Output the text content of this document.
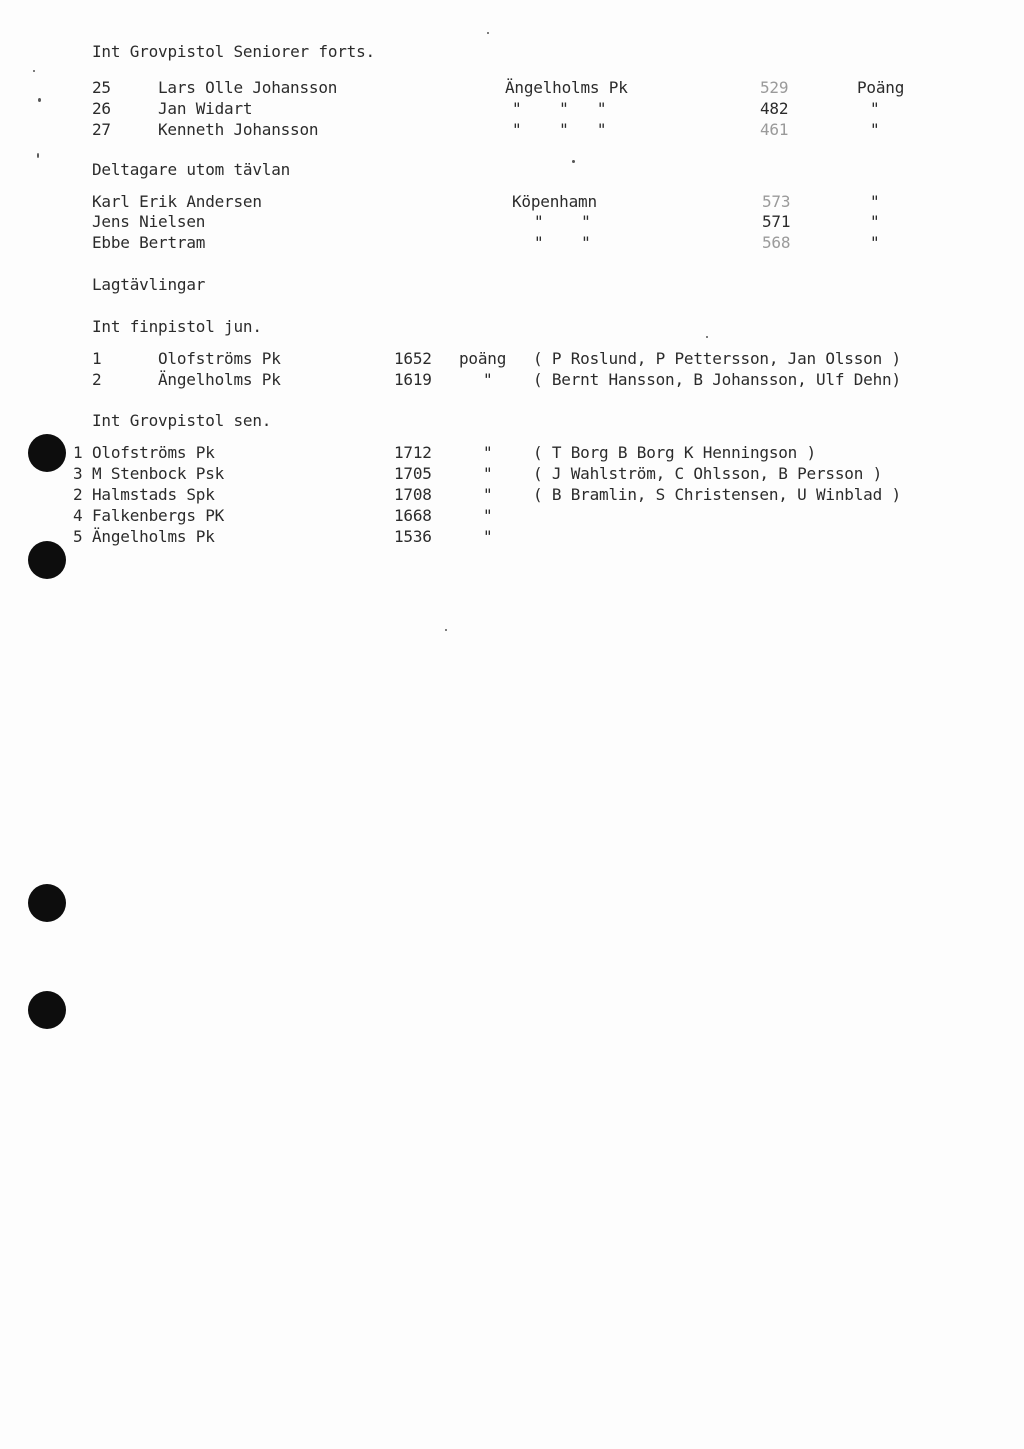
Int Grovpistol Seniorer forts.
25	Lars Olle Johansson	Ängelholms Pk	529	Poäng
26	Jan Widart	"    "   "	482	"
27	Kenneth Johansson	"    "   "	461	"
Deltagare utom tävlan
Karl Erik Andersen	Köpenhamn	573	"
Jens Nielsen	"    "	571	"
Ebbe Bertram	"    "	568	"
Lagtävlingar
Int finpistol jun.
1	Olofströms Pk	1652 poäng ( P Roslund, P Pettersson, Jan Olsson )
2	Ängelholms Pk	1619	"	( Bernt Hansson, B Johansson, Ulf Dehn)
Int Grovpistol sen.
1 Olofströms Pk	1712	"	( T Borg B Borg K Henningson )
3 M Stenbock Psk	1705	"	( J Wahlström, C Ohlsson, B Persson )
2 Halmstads Spk	1708	"	( B Bramlin, S Christensen, U Winblad )
4 Falkenbergs PK	1668	"
5 Ängelholms Pk	1536	"
